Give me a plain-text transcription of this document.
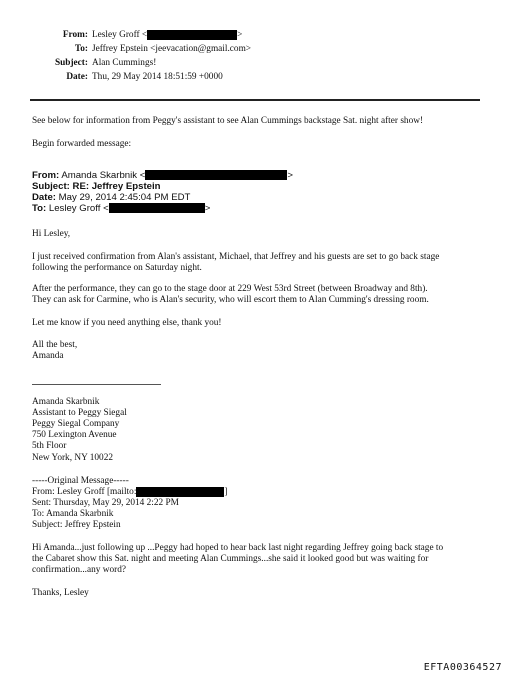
From: Lesley Groff <	>
To: Jeffrey Epstein <jeevacation@gmail.com>
Subject: Alan Cummings!
Date: Thu, 29 May 2014 18:51:59 +0000
See below for information from Peggy's assistant to see Alan Cummings backstage Sat. night after show!
Begin forwarded message:
From: Amanda Skarbnik <	>
Subject: RE: Jeffrey Epstein
Date: May 29, 2014 2:45:04 PM EDT
To: Lesley Groff <	>
Hi Lesley,
I just received confirmation from Alan's assistant, Michael, that Jeffrey and his guests are set to go back stage
following the performance on Saturday night.
After the performance, they can go to the stage door at 229 West 53rd Street (between Broadway and 8th).
They can ask for Carmine, who is Alan's security, who will escort them to Alan Cumming's dressing room.
Let me know if you need anything else, thank you!
All the best,
Amanda
Amanda Skarbnik
Assistant to Peggy Siegal
Peggy Siegal Company
750 Lexington Avenue
5th Floor
New York, NY 10022
-----Original Message-----
From: Lesley Groff [mailto:	]
Sent: Thursday, May 29, 2014 2:22 PM
To: Amanda Skarbnik
Subject: Jeffrey Epstein
Hi Amanda...just following up ...Peggy had hoped to hear back last night regarding Jeffrey going back stage to
the Cabaret show this Sat. night and meeting Alan Cummings...she said it looked good but was waiting for
confirmation...any word?
Thanks, Lesley
EFTA00364527
